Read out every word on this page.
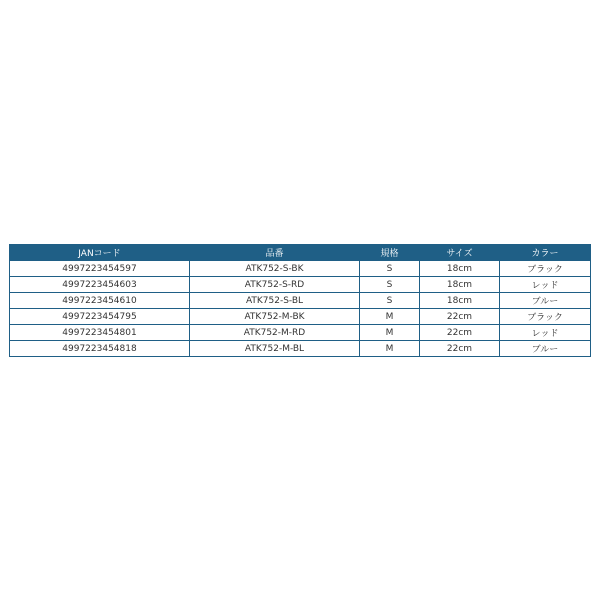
JANコード	品番	規格	サイズ	カラー
4997223454597	ATK752-S-BK	S	18cm	ブラック
4997223454603	ATK752-S-RD	S	18cm	レッド
4997223454610	ATK752-S-BL	S	18cm	ブルー
4997223454795	ATK752-M-BK	M	22cm	ブラック
4997223454801	ATK752-M-RD	M	22cm	レッド
4997223454818	ATK752-M-BL	M	22cm	ブルー
